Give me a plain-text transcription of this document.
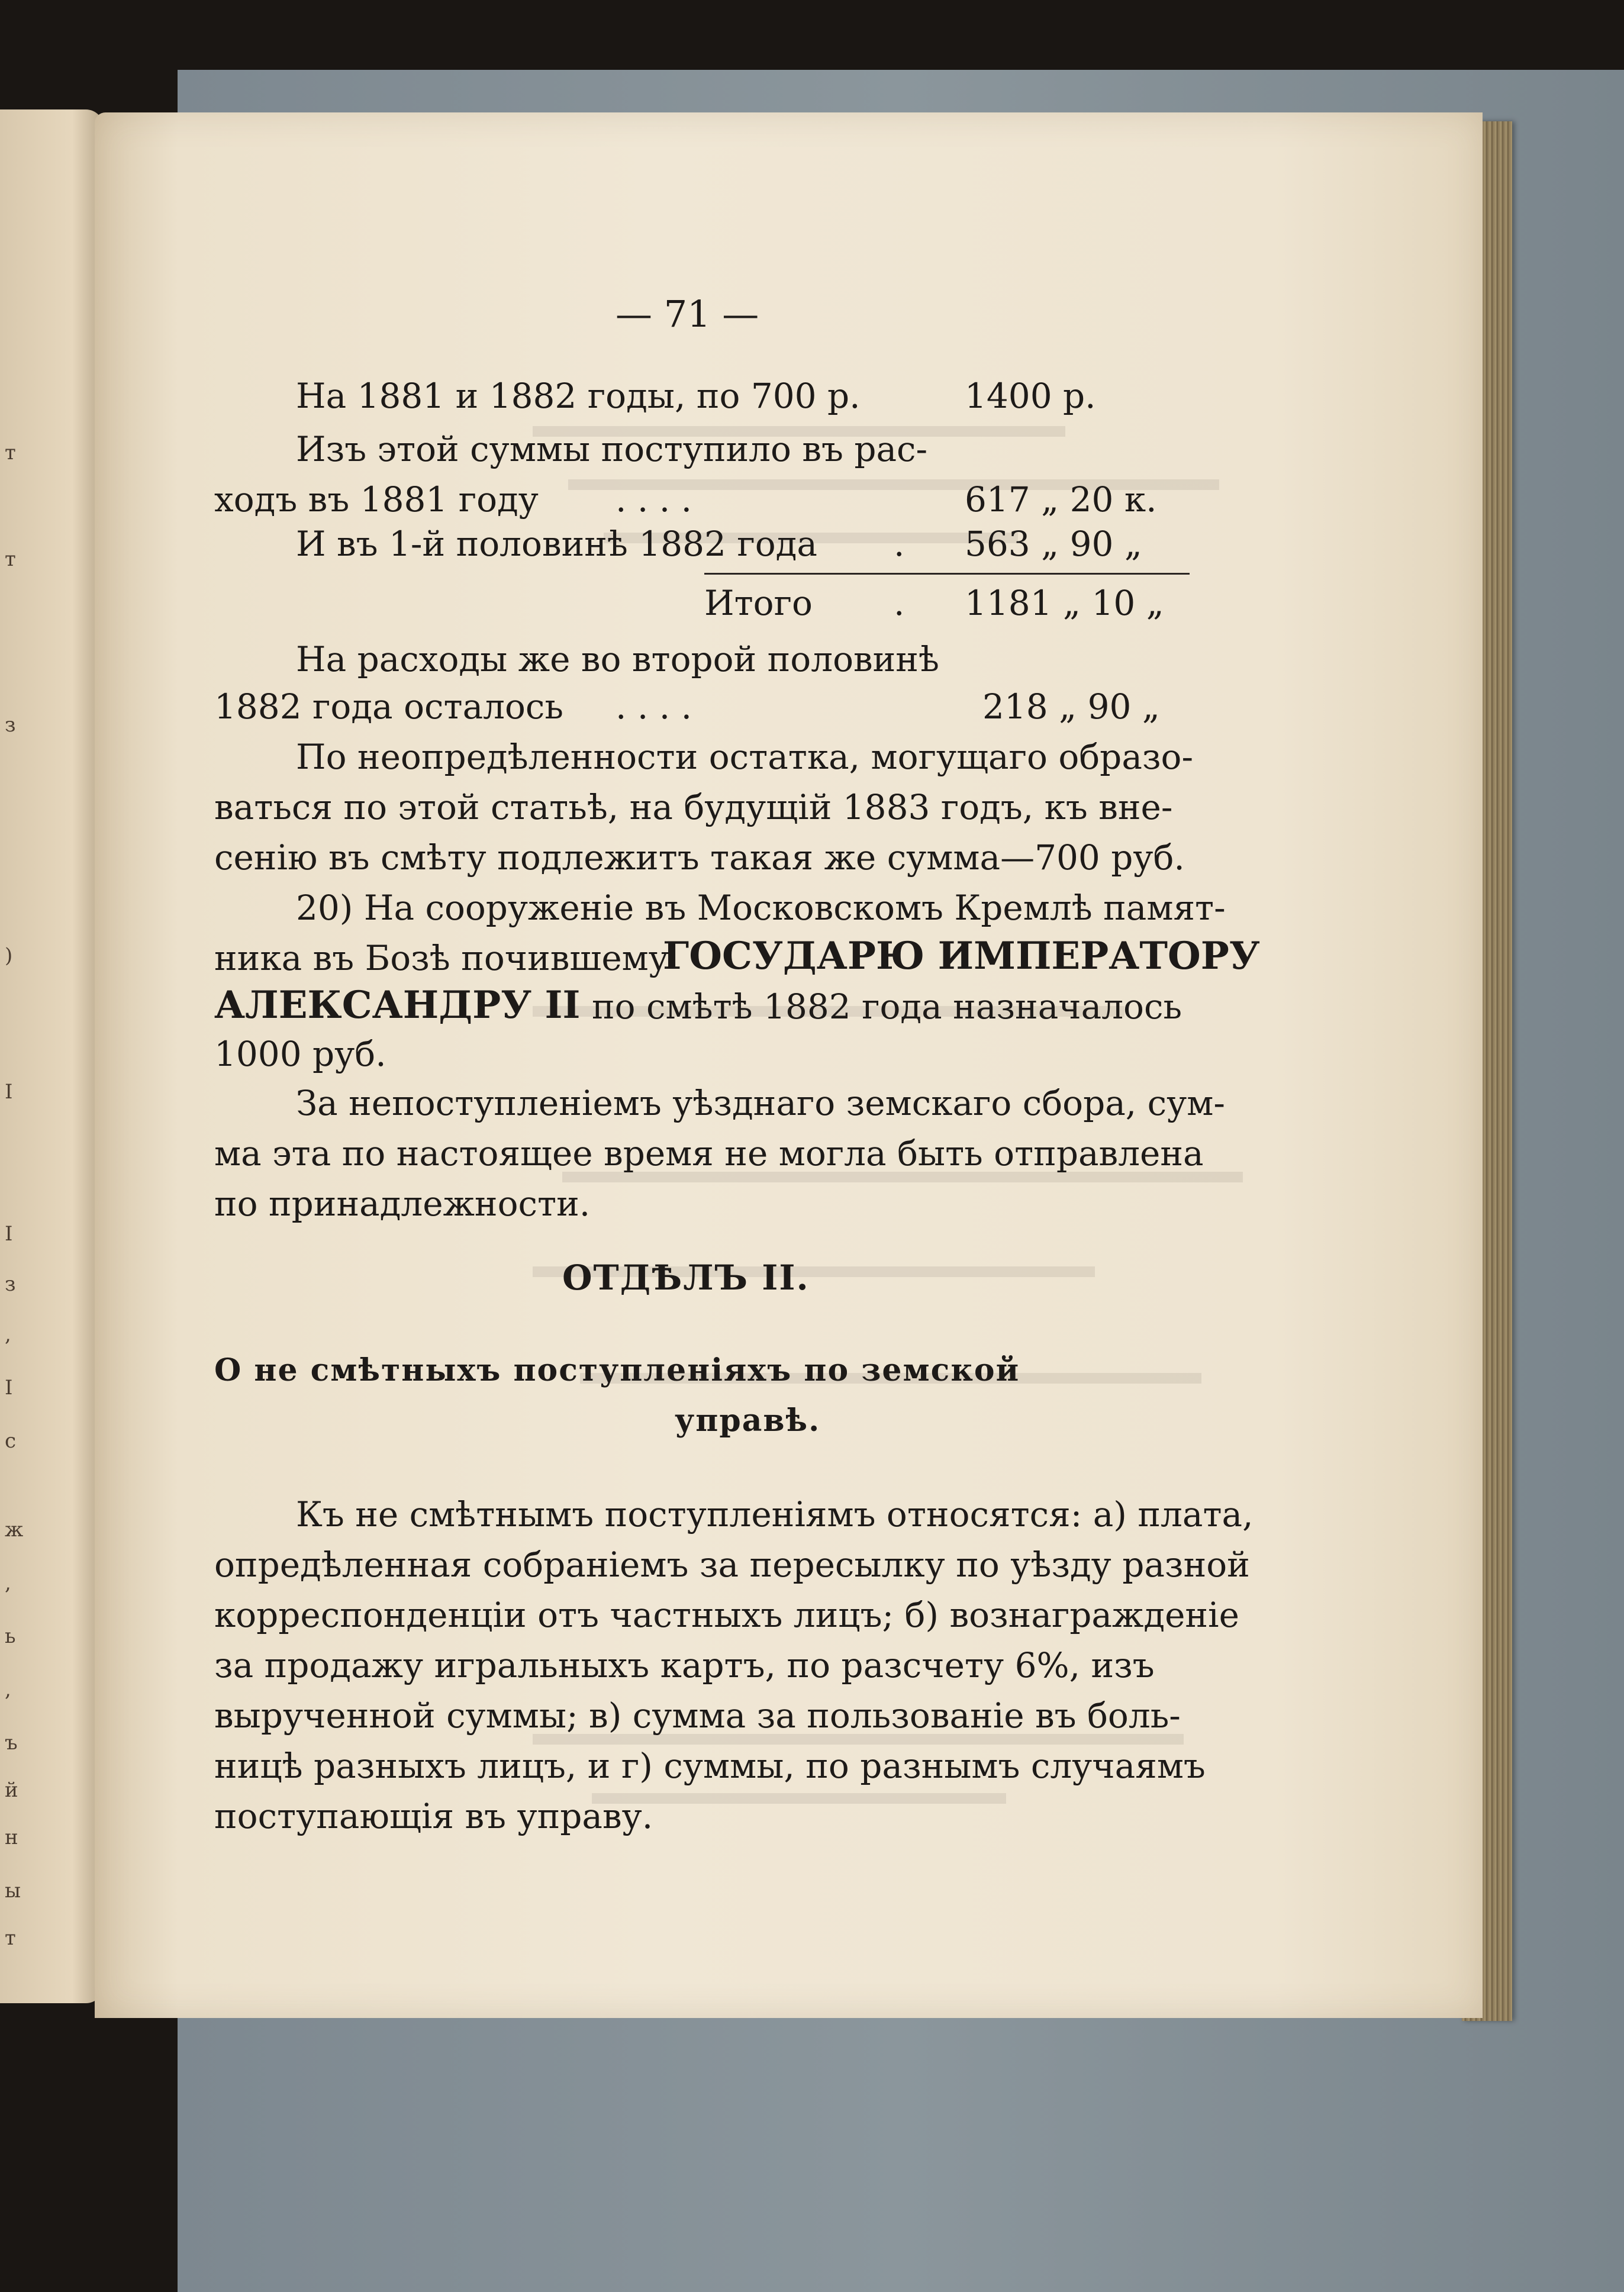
т
т
з
)
I
I
з
,
I
с
ж
,
ь
,
ъ
й
н
ы
т
— 71 —
На 1881 и 1882 годы, по 700 р.	1400 р.
Изъ этой суммы поступило въ рас-
ходъ въ 1881 году . . . .	617 „ 20 к.
И въ 1-й половинѣ 1882 года . 563 „ 90 „
Итого . 1181 „ 10 „
На расходы же во второй половинѣ
1882 года осталось . . . .	218 „ 90 „
По неопредѣленности остатка, могущаго образо-
ваться по этой статьѣ, на будущій 1883 годъ, къ вне-
сенію въ смѣту подлежитъ такая же сумма—700 руб.
20) На сооруженіе въ Московскомъ Кремлѣ памят-
ника въ Бозѣ почившему
ГОСУДАРЮ ИМПЕРАТОРУ
АЛЕКСАНДРУ II по смѣтѣ 1882 года назначалось
1000 руб.
За непоступленіемъ уѣзднаго земскаго сбора, сум-
ма эта по настоящее время не могла быть отправлена
по принадлежности.
ОТДѢЛЪ II.
О не смѣтныхъ поступленіяхъ по земской
управѣ.
Къ не смѣтнымъ поступленіямъ относятся: а) плата,
опредѣленная собраніемъ за пересылку по уѣзду разной
корреспонденціи отъ частныхъ лицъ; б) вознагражденіе
за продажу игральныхъ картъ, по разсчету 6%, изъ
вырученной суммы; в) сумма за пользованіе въ боль-
ницѣ разныхъ лицъ, и г) суммы, по разнымъ случаямъ
поступающія въ управу.
